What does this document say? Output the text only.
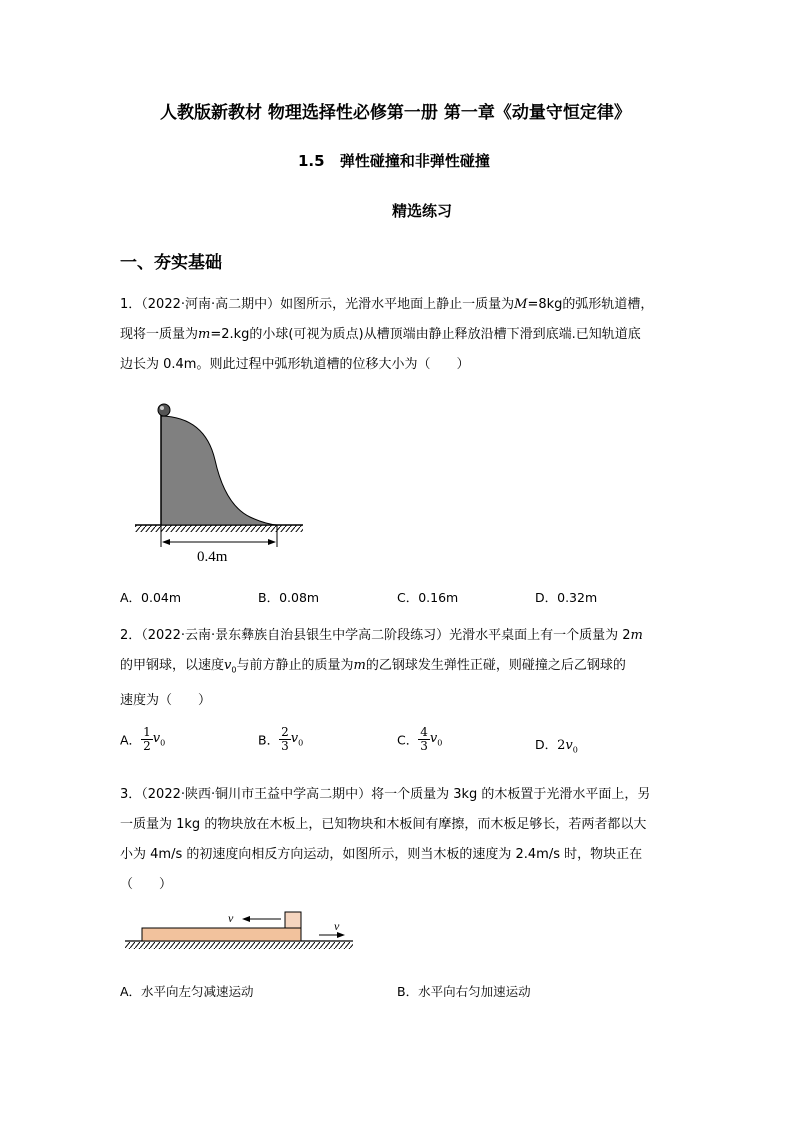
人教版新教材 物理选择性必修第一册 第一章《动量守恒定律》
1.5 弹性碰撞和非弹性碰撞
精选练习
一、夯实基础
1．（2022·河南·高二期中）如图所示，光滑水平地面上静止一质量为M=8kg的弧形轨道槽，
现将一质量为m=2.kg的小球(可视为质点)从槽顶端由静止释放沿槽下滑到底端.已知轨道底
边长为 0.4m。则此过程中弧形轨道槽的位移大小为（　　）
0.4m
A．0.04m	B．0.08m	C．0.16m	D．0.32m
2．（2022·云南·景东彝族自治县银生中学高二阶段练习）光滑水平桌面上有一个质量为 2m
的甲钢球，以速度$v_0$与前方静止的质量为m的乙钢球发生弹性正碰，则碰撞之后乙钢球的
速度为（　　）
A． $\frac{1}{2} v_0$	B． $\frac{2}{3} v_0$	C． $\frac{4}{3} v_0$	D．$2v_0$
3．（2022·陕西·铜川市王益中学高二期中）将一个质量为 3kg 的木板置于光滑水平面上，另
一质量为 1kg 的物块放在木板上，已知物块和木板间有摩擦，而木板足够长，若两者都以大
小为 4m/s 的初速度向相反方向运动，如图所示，则当木板的速度为 2.4m/s 时，物块正在
（　　）
v
v
A．水平向左匀减速运动	B．水平向右匀加速运动
